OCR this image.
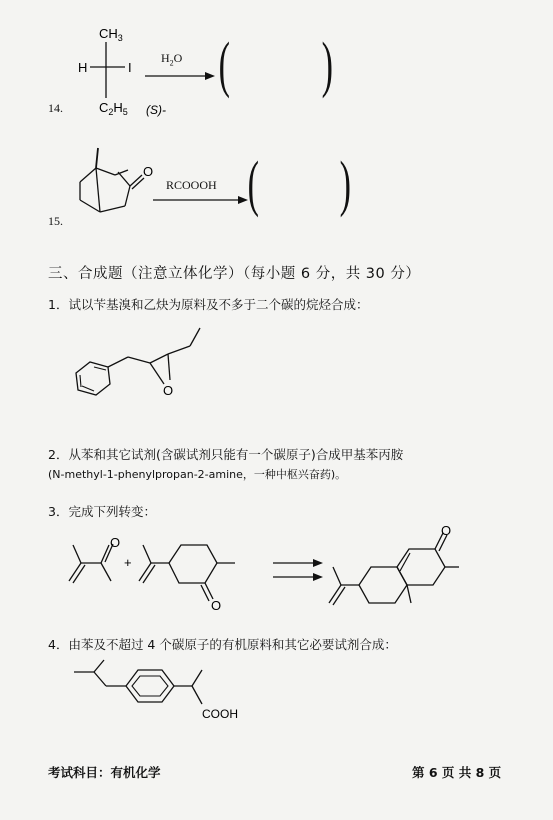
14.
$CH_3$
H	I
$C_2H_5$ (S)-
$H_2O$ ( )
15.
O
RCOOOH ( )
三、合成题（注意立体化学）（每小题 6 分，共 30 分）
1．试以苄基溴和乙炔为原料及不多于二个碳的烷烃合成：
O
2．从苯和其它试剂(含碳试剂只能有一个碳原子)合成甲基苯丙胺
(N-methyl-1-phenylpropan-2-amine，一种中枢兴奋药)。
3．完成下列转变：
O
+
O
O
4．由苯及不超过 4 个碳原子的有机原料和其它必要试剂合成：
COOH
考试科目：有机化学	第 6 页 共 8 页
